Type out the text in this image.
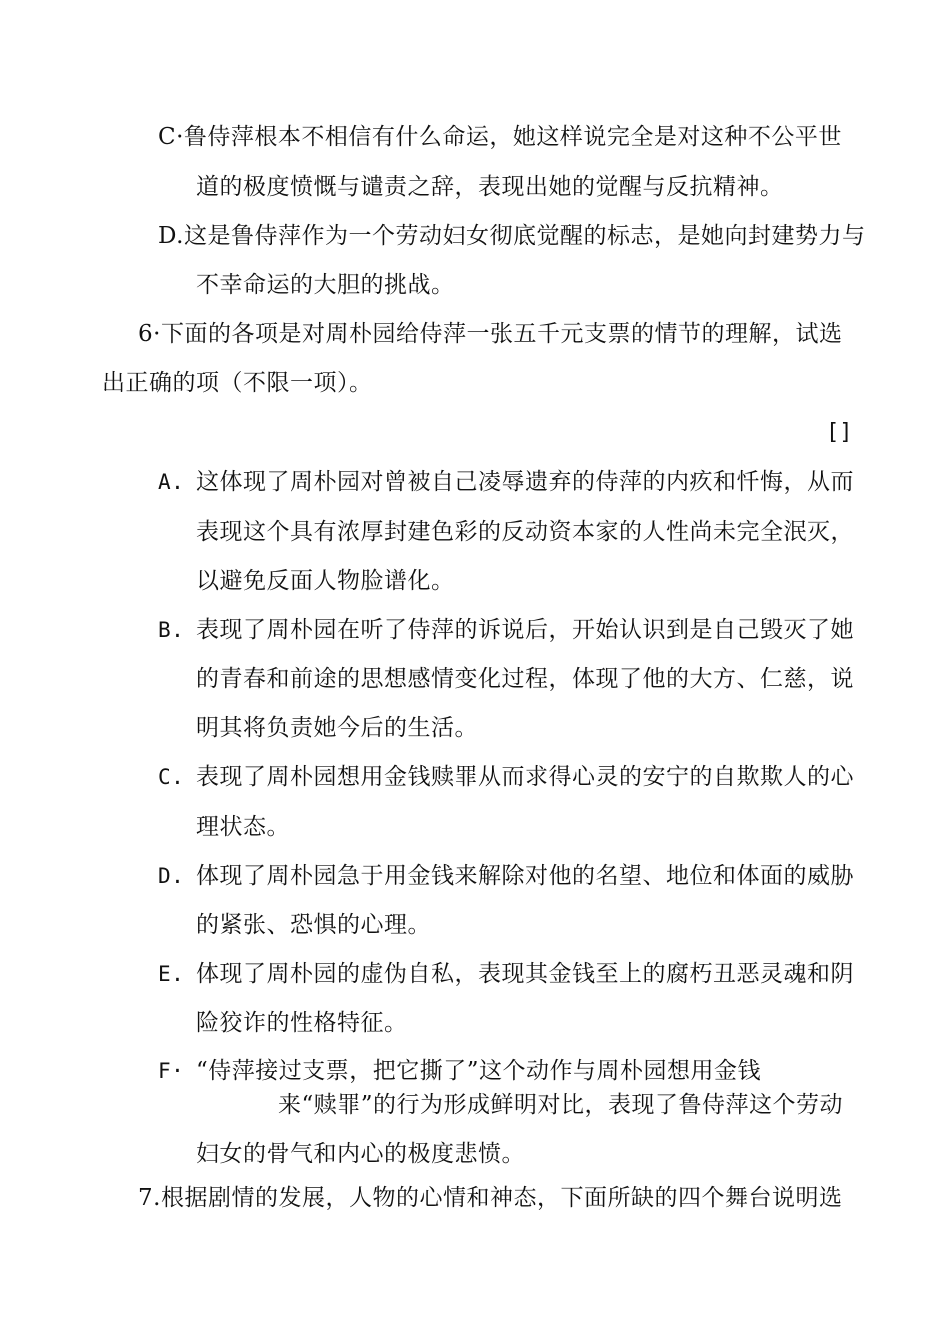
C·鲁侍萍根本不相信有什么命运，她这样说完全是对这种不公平世
道的极度愤慨与谴责之辞，表现出她的觉醒与反抗精神。
D.这是鲁侍萍作为一个劳动妇女彻底觉醒的标志，是她向封建势力与
不幸命运的大胆的挑战。
6·下面的各项是对周朴园给侍萍一张五千元支票的情节的理解，试选
出正确的项（不限一项）。
[]
A. 这体现了周朴园对曾被自己凌辱遗弃的侍萍的内疚和忏悔，从而
表现这个具有浓厚封建色彩的反动资本家的人性尚未完全泯灭，
以避免反面人物脸谱化。
B. 表现了周朴园在听了侍萍的诉说后，开始认识到是自己毁灭了她
的青春和前途的思想感情变化过程，体现了他的大方、仁慈，说
明其将负责她今后的生活。
C. 表现了周朴园想用金钱赎罪从而求得心灵的安宁的自欺欺人的心
理状态。
D. 体现了周朴园急于用金钱来解除对他的名望、地位和体面的威胁
的紧张、恐惧的心理。
E. 体现了周朴园的虚伪自私，表现其金钱至上的腐朽丑恶灵魂和阴
险狡诈的性格特征。
F· “侍萍接过支票，把它撕了”这个动作与周朴园想用金钱
来“赎罪”的行为形成鲜明对比，表现了鲁侍萍这个劳动
妇女的骨气和内心的极度悲愤。
7.根据剧情的发展，人物的心情和神态，下面所缺的四个舞台说明选
